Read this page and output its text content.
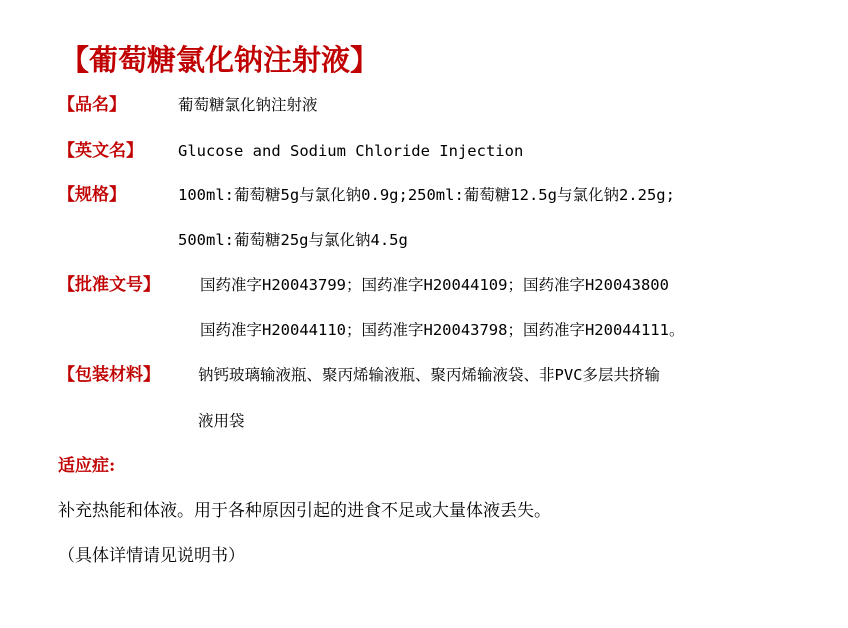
【葡萄糖氯化钠注射液】
【品名】	葡萄糖氯化钠注射液
【英文名】 Glucose and Sodium Chloride Injection
【规格】	100ml:葡萄糖5g与氯化钠0.9g;250ml:葡萄糖12.5g与氯化钠2.25g;
500ml:葡萄糖25g与氯化钠4.5g
【批准文号】	国药准字H20043799；国药准字H20044109；国药准字H20043800
国药准字H20044110；国药准字H20043798；国药准字H20044111。
【包装材料】 钠钙玻璃输液瓶、聚丙烯输液瓶、聚丙烯输液袋、非PVC多层共挤输
液用袋
适应症:
补充热能和体液。用于各种原因引起的进食不足或大量体液丢失。
（具体详情请见说明书）
